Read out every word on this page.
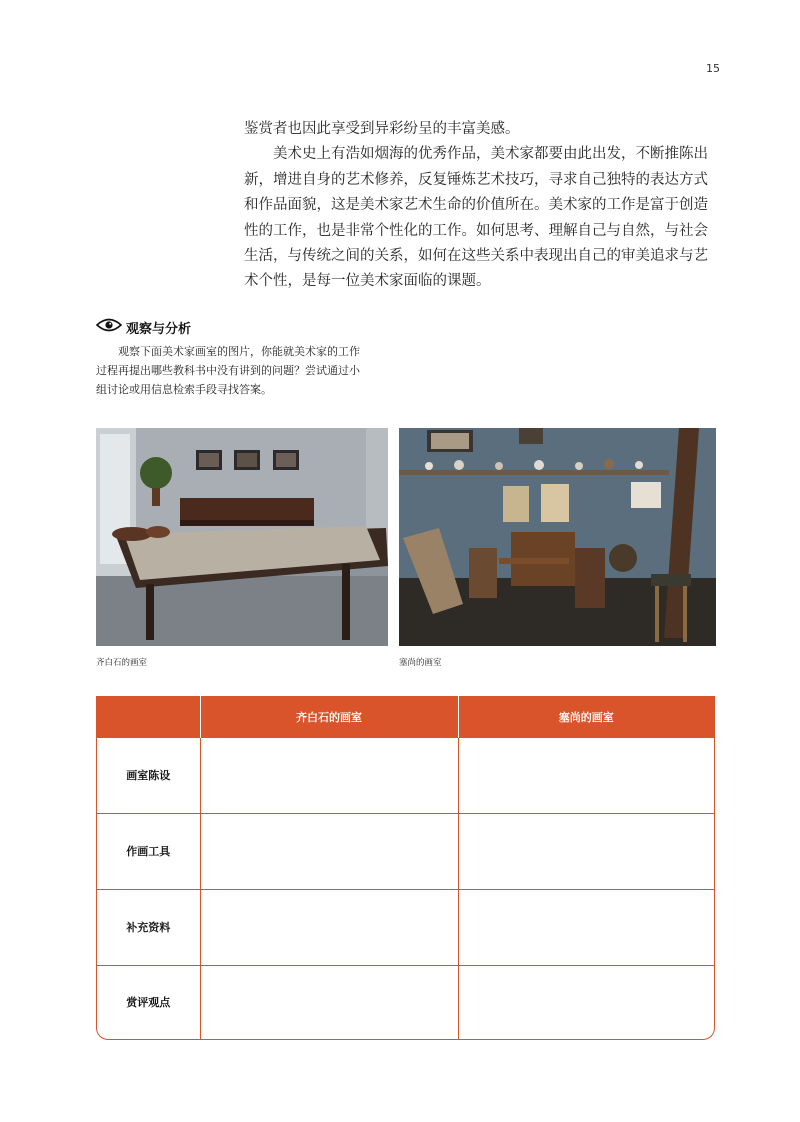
15

鉴赏者也因此享受到异彩纷呈的丰富美感。

美术史上有浩如烟海的优秀作品，美术家都要由此出发，不断推陈出新，增进自身的艺术修养，反复锤炼艺术技巧，寻求自己独特的表达方式和作品面貌，这是美术家艺术生命的价值所在。美术家的工作是富于创造性的工作，也是非常个性化的工作。如何思考、理解自己与自然，与社会生活，与传统之间的关系，如何在这些关系中表现出自己的审美追求与艺术个性，是每一位美术家面临的课题。

观察与分析

观察下面美术家画室的图片，你能就美术家的工作过程再提出哪些教科书中没有讲到的问题？尝试通过小组讨论或用信息检索手段寻找答案。

齐白石的画室	塞尚的画室
	齐白石的画室	塞尚的画室
画室陈设		
作画工具		
补充资料		
赏评观点		
